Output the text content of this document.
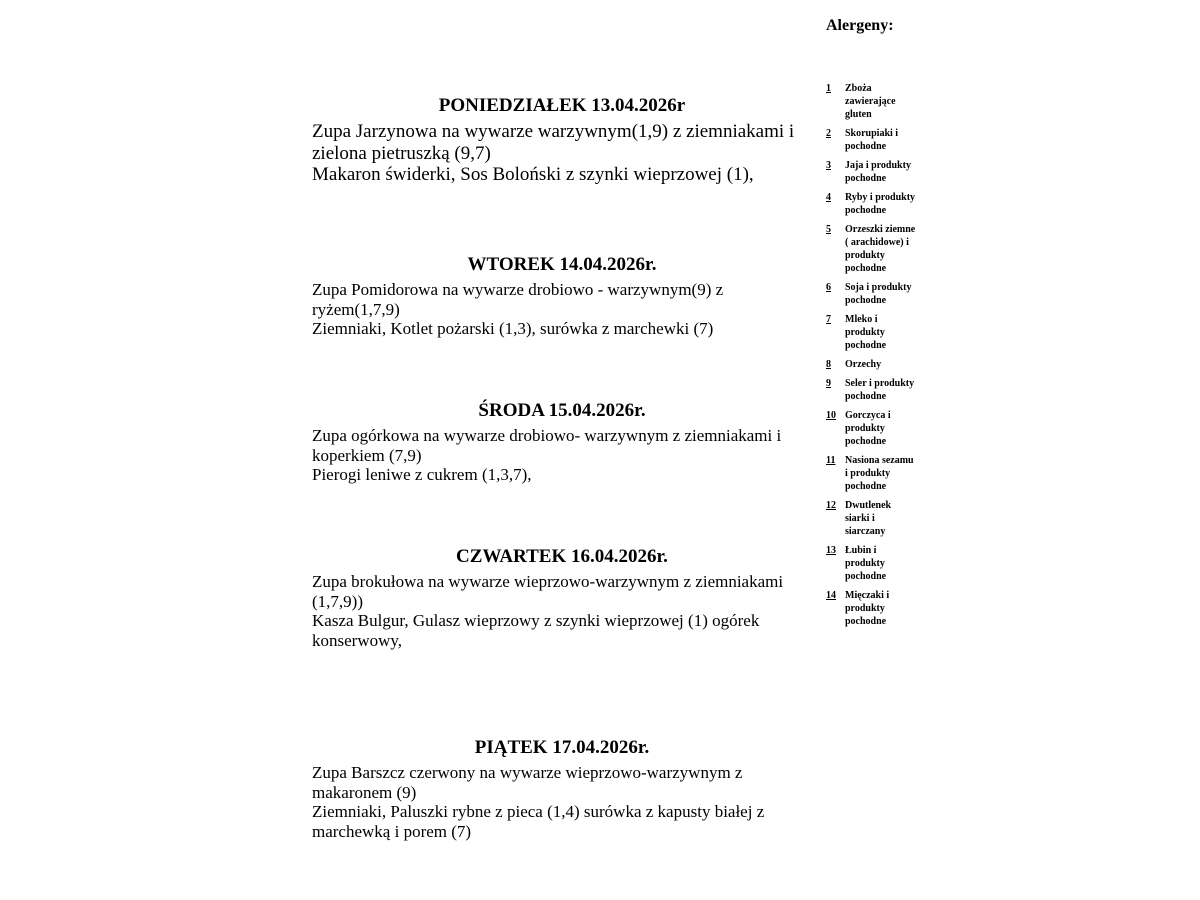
PONIEDZIAŁEK 13.04.2026r
Zupa Jarzynowa na wywarze warzywnym(1,9) z ziemniakami i zielona pietruszką (9,7)
Makaron świderki, Sos Boloński z szynki wieprzowej (1),
WTOREK 14.04.2026r.
Zupa Pomidorowa na wywarze drobiowo - warzywnym(9) z ryżem(1,7,9)
Ziemniaki, Kotlet pożarski (1,3), surówka z marchewki (7)
ŚRODA 15.04.2026r.
Zupa ogórkowa na wywarze drobiowo- warzywnym z ziemniakami i koperkiem (7,9)
Pierogi leniwe z cukrem (1,3,7),
CZWARTEK 16.04.2026r.
Zupa brokułowa na wywarze wieprzowo-warzywnym z ziemniakami (1,7,9))
Kasza Bulgur, Gulasz wieprzowy z szynki wieprzowej (1) ogórek konserwowy,
PIĄTEK 17.04.2026r.
Zupa Barszcz czerwony na wywarze wieprzowo-warzywnym z makaronem (9)
Ziemniaki, Paluszki rybne z pieca (1,4) surówka z kapusty białej z marchewką i porem (7)
Alergeny:
1	Zboża zawierające gluten
2	Skorupiaki i pochodne
3	Jaja i produkty pochodne
4	Ryby i produkty pochodne
5	Orzeszki ziemne ( arachidowe) i produkty pochodne
6	Soja i produkty pochodne
7	Mleko i produkty pochodne
8	Orzechy
9	Seler i produkty pochodne
10 Gorczyca i produkty pochodne
11 Nasiona sezamu i produkty pochodne
12 Dwutlenek siarki i siarczany
13 Łubin i produkty pochodne
14 Mięczaki i produkty pochodne
